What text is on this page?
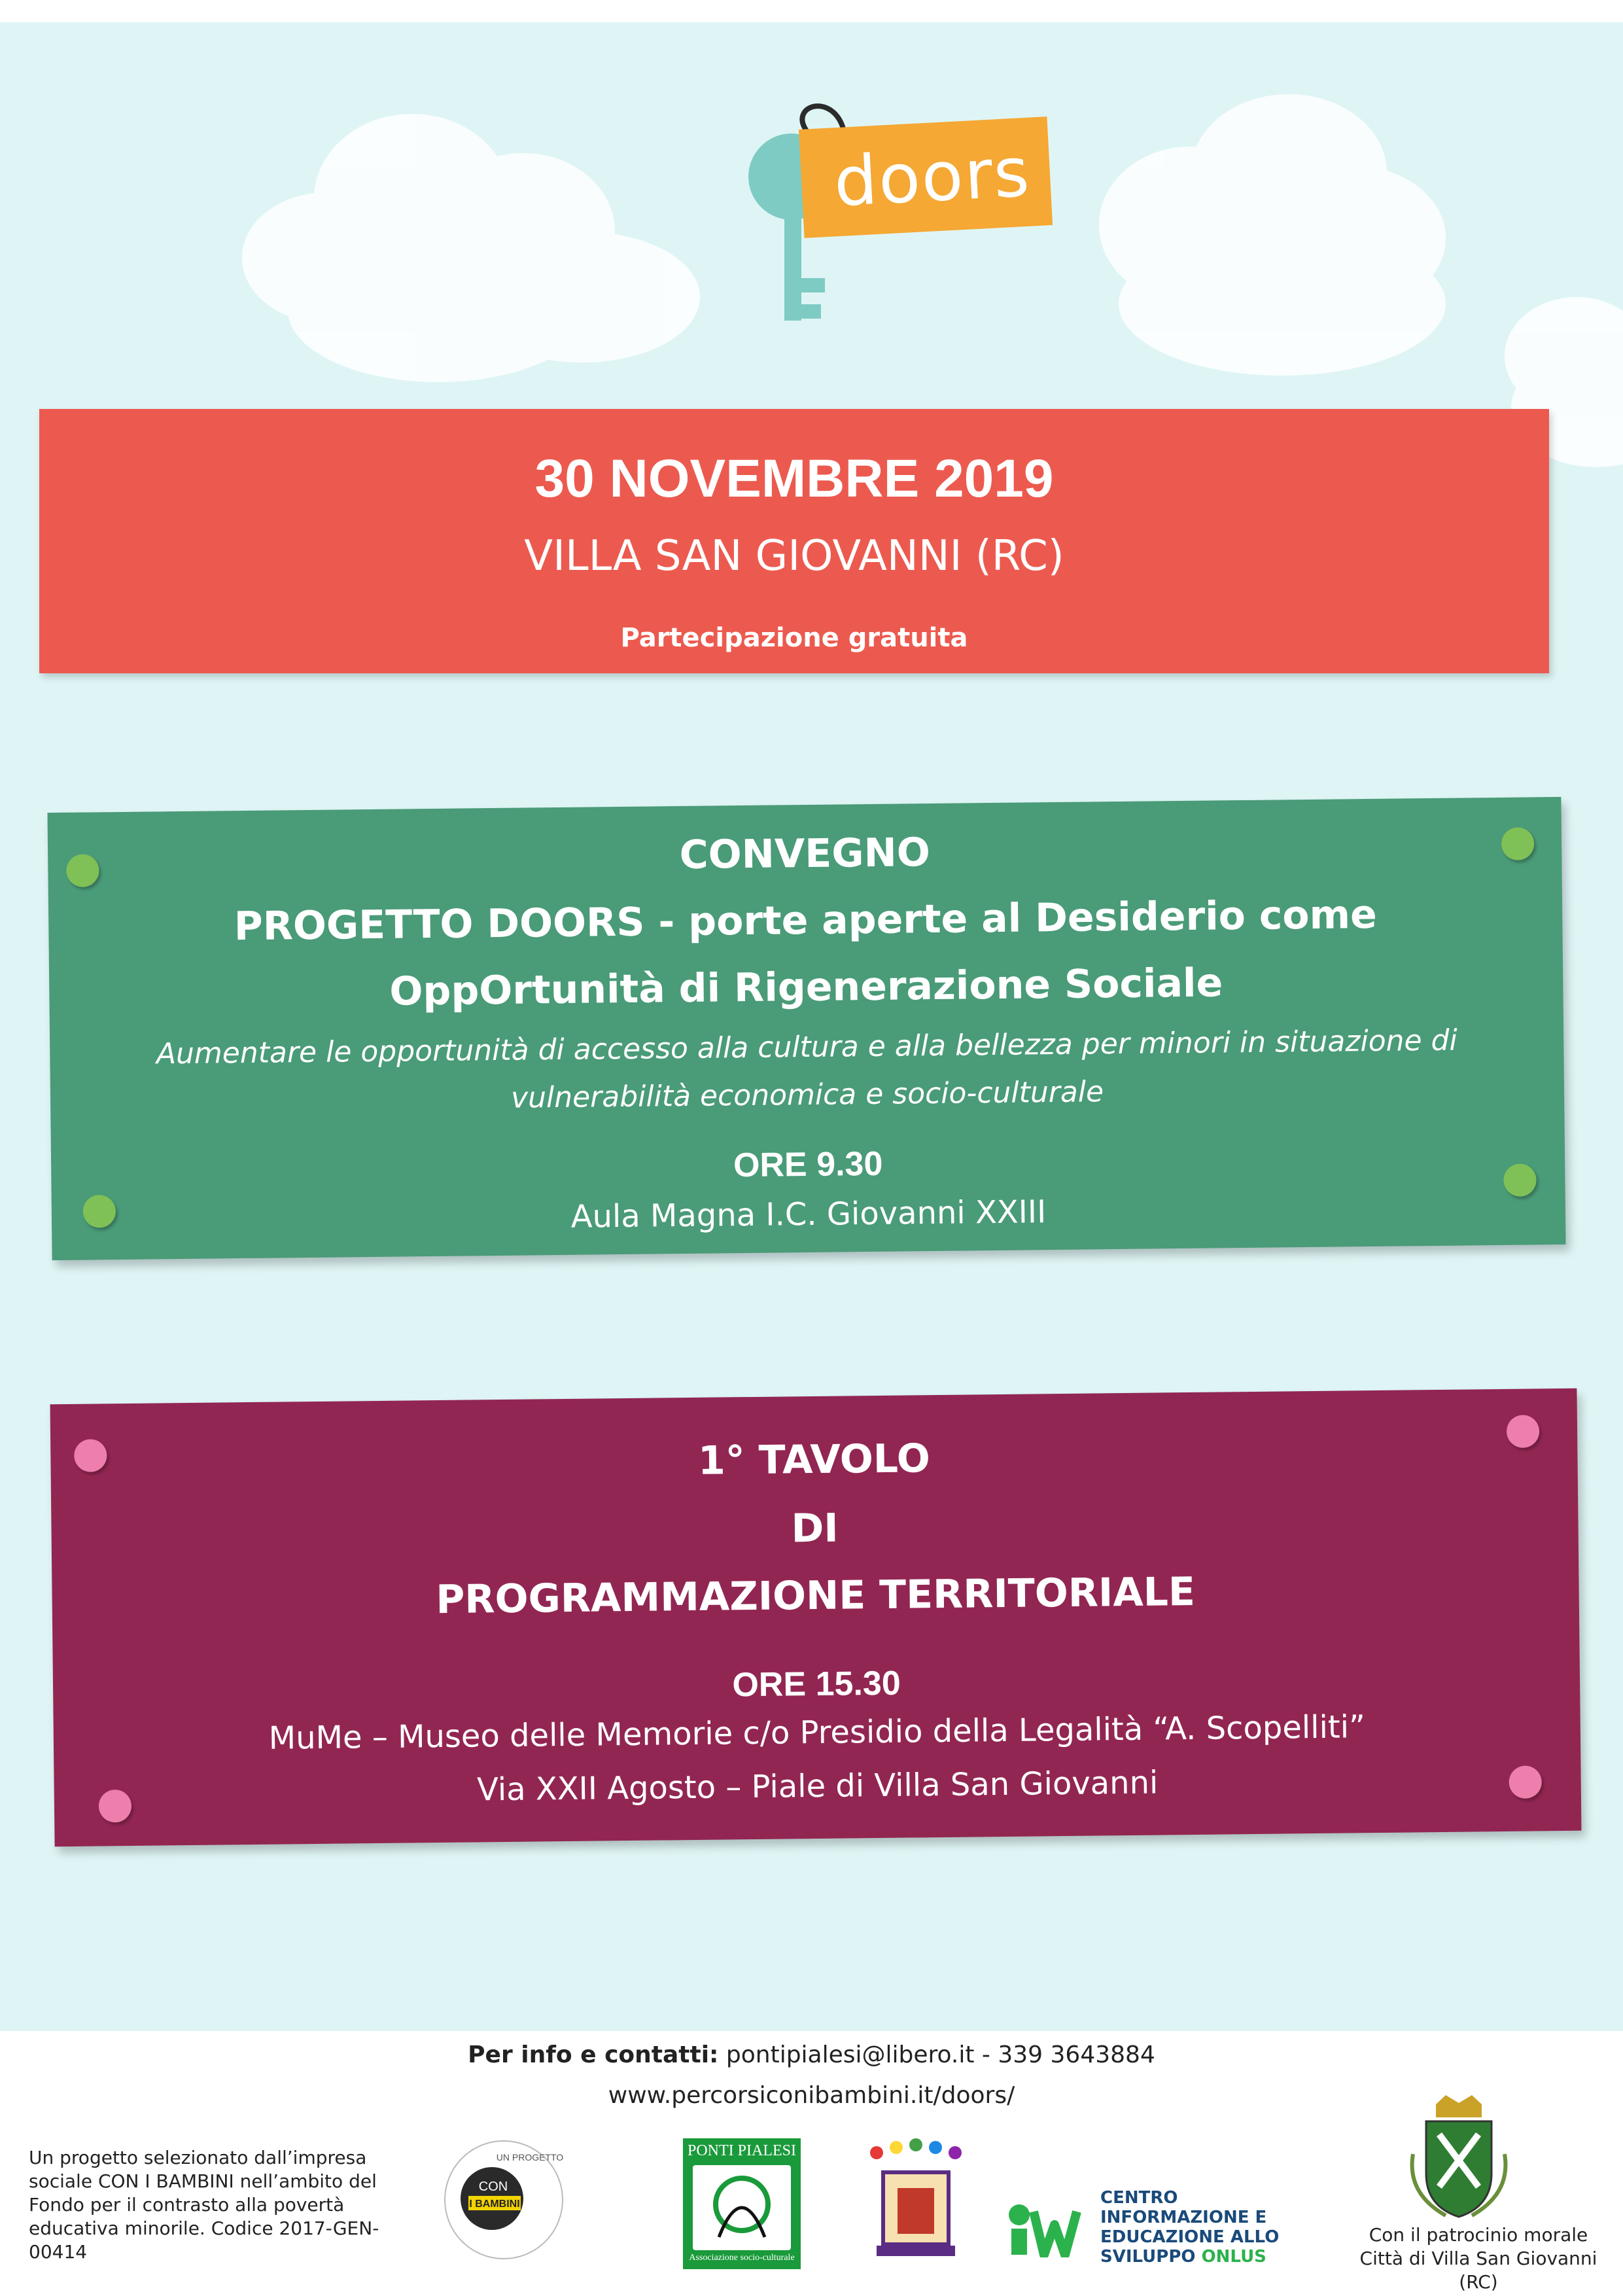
doors
30 NOVEMBRE 2019
VILLA SAN GIOVANNI (RC)
Partecipazione gratuita
CONVEGNO
PROGETTO DOORS - porte aperte al Desiderio come
OppOrtunità di Rigenerazione Sociale
Aumentare le opportunità di accesso alla cultura e alla bellezza per minori in situazione di
vulnerabilità economica e socio-culturale
ORE 9.30
Aula Magna I.C. Giovanni XXIII
1° TAVOLO
DI
PROGRAMMAZIONE TERRITORIALE
ORE 15.30
MuMe – Museo delle Memorie c/o Presidio della Legalità “A. Scopelliti”
Via XXII Agosto – Piale di Villa San Giovanni
Per info e contatti: pontipialesi@libero.it - 339 3643884
www.percorsiconibambini.it/doors/
Un progetto selezionato dall’impresa sociale CON I BAMBINI nell’ambito del Fondo per il contrasto alla povertà educativa minorile. Codice 2017-GEN-00414
CON
I BAMBINI
UN PROGETTO	PONTI PIALESI
Associazione socio-culturale
CENTRO
INFORMAZIONE E
EDUCAZIONE ALLO
SVILUPPO ONLUS
Con il patrocinio morale
Città di Villa San Giovanni (RC)
